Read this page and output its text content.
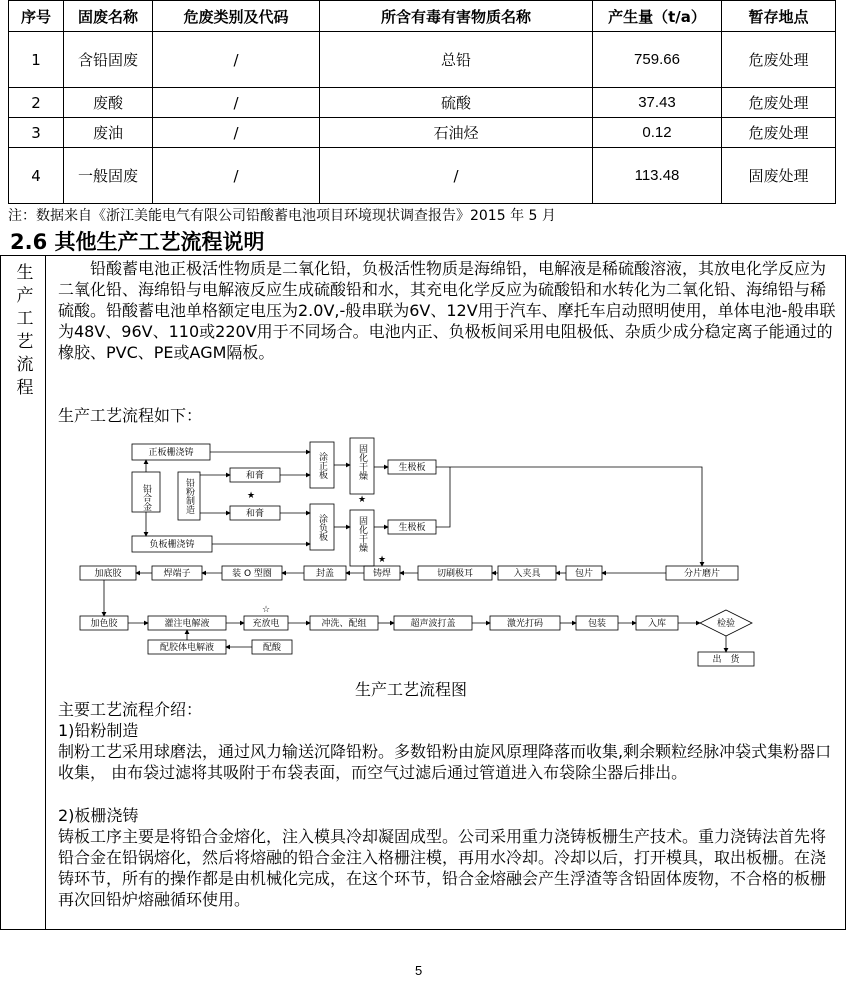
序号	固废名称	危废类别及代码	所含有毒有害物质名称	产生量（t/a）	暂存地点
1	含铅固废	/	总铅	759.66	危废处理
2	废酸	/	硫酸	37.43	危废处理
3	废油	/	石油烃	0.12	危废处理
4	一般固废	/	/	113.48	固废处理
注：数据来自《浙江美能电气有限公司铅酸蓄电池项目环境现状调查报告》2015 年 5 月
2.6 其他生产工艺流程说明
生产工艺流程
铅酸蓄电池正极活性物质是二氧化铅，负极活性物质是海绵铅，电解液是稀硫酸溶液，其放电化学反应为二氧化铅、海绵铅与电解液反应生成硫酸铅和水，其充电化学反应为硫酸铅和水转化为二氧化铅、海绵铅与稀硫酸。铅酸蓄电池单格额定电压为2.0V,-般串联为6V、12V用于汽车、摩托车启动照明使用，单体电池-般串联为48V、96V、110或220V用于不同场合。电池内正、负极板间采用电阻极低、杂质少成分稳定离子能通过的橡胶、PVC、PE或AGM隔板。
生产工艺流程如下：
正板栅浇铸
负板栅浇铸
和膏
和膏
生极板
生极板
加底胶	焊端子	装 O 型圈	封盖	铸焊	切刷极耳	入夹具	包片	分片磨片
加色胶	灌注电解液	充放电	冲洗、配组	超声波打盖	激光打码	包装	入库	检验
出　货
配胶体电解液	配酸
铅合金	铅粉制造
涂正板
涂负板
固化干燥
固化干燥
★	★
★
☆
生产工艺流程图
主要工艺流程介绍：
1)铅粉制造
制粉工艺采用球磨法，通过风力输送沉降铅粉。多数铅粉由旋风原理降落而收集,剩余颗粒经脉冲袋式集粉器口收集， 由布袋过滤将其吸附于布袋表面，而空气过滤后通过管道进入布袋除尘器后排出。
2)板栅浇铸
铸板工序主要是将铅合金熔化，注入模具冷却凝固成型。公司采用重力浇铸板栅生产技术。重力浇铸法首先将铅合金在铅锅熔化，然后将熔融的铅合金注入格栅注模，再用水冷却。冷却以后，打开模具，取出板栅。在浇铸环节，所有的操作都是由机械化完成，在这个环节，铅合金熔融会产生浮渣等含铅固体废物，不合格的板栅再次回铅炉熔融循环使用。
5
